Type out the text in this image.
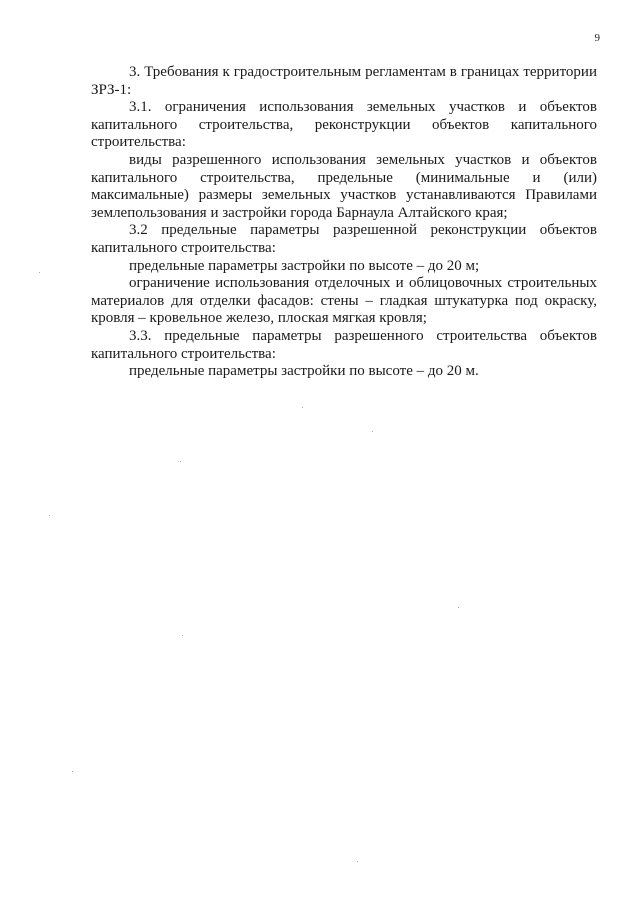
9

3. Требования к градостроительным регламентам в границах территории ЗРЗ-1:

3.1. ограничения использования земельных участков и объектов капитального строительства, реконструкции объектов капитального строительства:

виды разрешенного использования земельных участков и объектов капитального строительства, предельные (минимальные и (или) максимальные) размеры земельных участков устанавливаются Правилами землепользования и застройки города Барнаула Алтайского края;

3.2 предельные параметры разрешенной реконструкции объектов капитального строительства:

предельные параметры застройки по высоте – до 20 м;

ограничение использования отделочных и облицовочных строительных материалов для отделки фасадов: стены – гладкая штукатурка под окраску, кровля – кровельное железо, плоская мягкая кровля;

3.3. предельные параметры разрешенного строительства объектов капитального строительства:

предельные параметры застройки по высоте – до 20 м.
